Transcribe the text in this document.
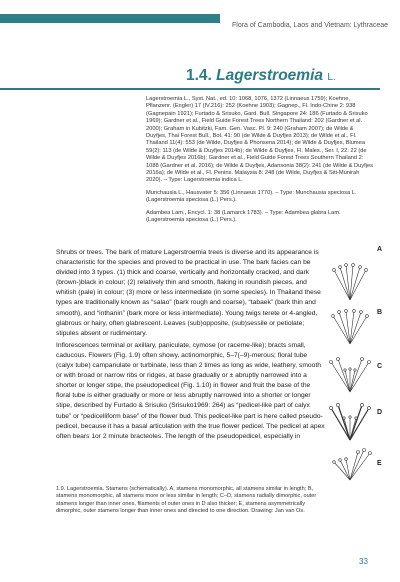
Flora of Cambodia, Laos and Vietnam: Lythraceae
1.4. Lagerstroemia L.

Lagerstroemia L., Syst. Nat., ed. 10: 1068, 1076, 1372 (Linnaeus 1759); Koehne, Pflanzenr. (Engler) 17 (IV.216): 252 (Koehne 1903); Gagnep., Fl. Indo-Chine 2: 938 (Gagnepain 1921); Furtado & Srisuko, Gard. Bull. Singapore 24: 186 (Furtado & Srisuko 1969); Gardner et al., Field Guide Forest Trees Northern Thailand: 202 (Gardner et al. 2000); Graham in Kubitzki, Fam. Gen. Vasc. Pl. 9: 240 (Graham 2007); de Wilde & Duyfjes, Thai Forest Bull., Bot. 41: 90 (de Wilde & Duyfjes 2013); de Wilde et al., Fl. Thailand 11(4): 553 (de Wilde, Duyfjes & Phonsena 2014); de Wilde & Duyfjes, Blumea 59(2): 113 (de Wilde & Duyfjes 2014b); de Wilde & Duyfjes, Fl. Males., Ser. I, 22: 22 (de Wilde & Duyfjes 2016b); Gardner et al., Field Guide Forest Trees Southern Thailand 2: 1088 (Gardner et al. 2016); de Wilde & Duyfjes, Adansonia 38(2): 241 (de Wilde & Duyfjes 2016a); de Wilde et al., Fl. Penins. Malaysia 8: 248 (de Wilde, Duyfjes & Siti-Munirah 2020). – Type: Lagerstroemia indica L.

Munchausia L., Hausvater 5: 356 (Linnaeus 1770). – Type: Munchausia speciosa L. (Lagerstroemia speciosa (L.) Pers.).

Adambea Lam., Encycl. 1: 38 (Lamarck 1783). – Type: Adambea glabra Lam. (Lagerstroemia speciosa (L.) Pers.).

Shrubs or trees. The bark of mature Lagerstroemia trees is diverse and its appearance is characteristic for the species and proved to be practical in use. The bark facies can be divided into 3 types. (1) thick and coarse, vertically and horizontally cracked, and dark (brown-)black in colour; (2) relatively thin and smooth, flaking in roundish pieces, and whitish (pale) in colour; (3) more or less intermediate (in some species). In Thailand these types are traditionally known as “salao” (bark rough and coarse), “tabaek” (bark thin and smooth), and “inthanin” (bark more or less intermediate). Young twigs terete or 4-angled, glabrous or hairy, often glabrescent. Leaves (sub)opposite, (sub)sessile or petiolate; stipules absent or rudimentary.

Inflorescences terminal or axillary, paniculate, cymose (or raceme-like); bracts small, caducous. Flowers (Fig. 1.9) often showy, actinomorphic, 5–7(–9)-merous; floral tube (calyx tube) campanulate or turbinate, less than 2 times as long as wide, leathery, smooth or with broad or narrow ribs or ridges, at base gradually or ± abruptly narrowed into a shorter or longer stipe, the pseudopedicel (Fig. 1.10) in flower and fruit the base of the floral tube is either gradually or more or less abruptly narrowed into a shorter or longer stipe, described by Furtado & Srisuko (Srisuko1969: 264) as “pedicel-like part of calyx tube” or “pedicelliform base” of the flower bud. This pedicel-like part is here called pseudo-pedicel, because it has a basal articulation with the true flower pedicel. The pedicel at apex often bears 1or 2 minute bracteoles. The length of the pseudopedicel, especially in

A
B
C
D
E
1.9. Lagerstroemia. Stamens (schematically). A, stamens monomorphic, all stamens similar in length; B, stamens monomorphic, all stamens more or less similar in length; C–D, stamens radially dimorphic, outer stamens longer than inner ones, filaments of outer ones in D also thicker; E, stamens asymmetrically dimorphic, outer stamens longer than inner ones and directed to one direction. Drawing: Jan van Os.
33
